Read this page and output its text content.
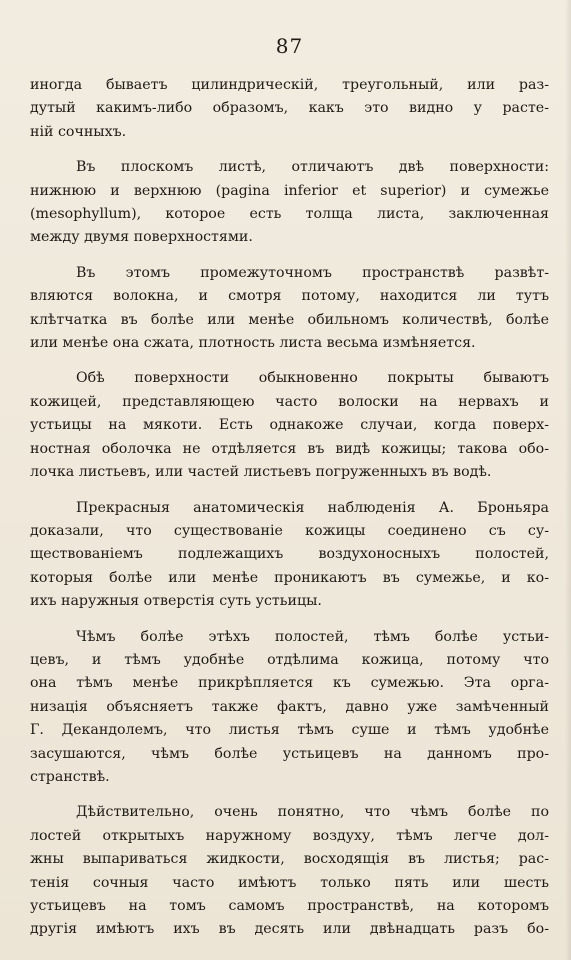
87
иногда бываетъ цилиндрическій, треугольный, или раз-
дутый какимъ-либо образомъ, какъ это видно у расте-
ній сочныхъ.
Въ плоскомъ листѣ, отличаютъ двѣ поверхности:
нижнюю и верхнюю (pagina inferior et superior) и сумежье
(mesophyllum), которое есть толща листа, заключенная
между двумя поверхностями.
Въ этомъ промежуточномъ пространствѣ развѣт-
вляются волокна, и смотря потому, находится ли тутъ
клѣтчатка въ болѣе или менѣе обильномъ количествѣ, болѣе
или менѣе она сжата, плотность листа весьма измѣняется.
Обѣ поверхности обыкновенно покрыты бываютъ
кожицей, представляющею часто волоски на нервахъ и
устьицы на мякоти. Есть однакоже случаи, когда поверх-
ностная оболочка не отдѣляется въ видѣ кожицы; такова обо-
лочка листьевъ, или частей листьевъ погруженныхъ въ водѣ.
Прекрасныя анатомическія наблюденія А. Броньяра
доказали, что существованіе кожицы соединено съ су-
ществованіемъ подлежащихъ воздухоносныхъ полостей,
которыя болѣе или менѣе проникаютъ въ сумежье, и ко-
ихъ наружныя отверстія суть устьицы.
Чѣмъ болѣе этѣхъ полостей, тѣмъ болѣе устьи-
цевъ, и тѣмъ удобнѣе отдѣлима кожица, потому что
она тѣмъ менѣе прикрѣпляется къ сумежью. Эта орга-
низація объясняетъ также фактъ, давно уже замѣченный
Г. Декандолемъ, что листья тѣмъ суше и тѣмъ удобнѣе
засушаются, чѣмъ болѣе устьицевъ на данномъ про-
странствѣ.
Дѣйствительно, очень понятно, что чѣмъ болѣе по
лостей открытыхъ наружному воздуху, тѣмъ легче дол-
жны выпариваться жидкости, восходящія въ листья; рас-
тенія сочныя часто имѣютъ только пять или шесть
устьицевъ на томъ самомъ пространствѣ, на которомъ
другія имѣютъ ихъ въ десять или двѣнадцать разъ бо-
